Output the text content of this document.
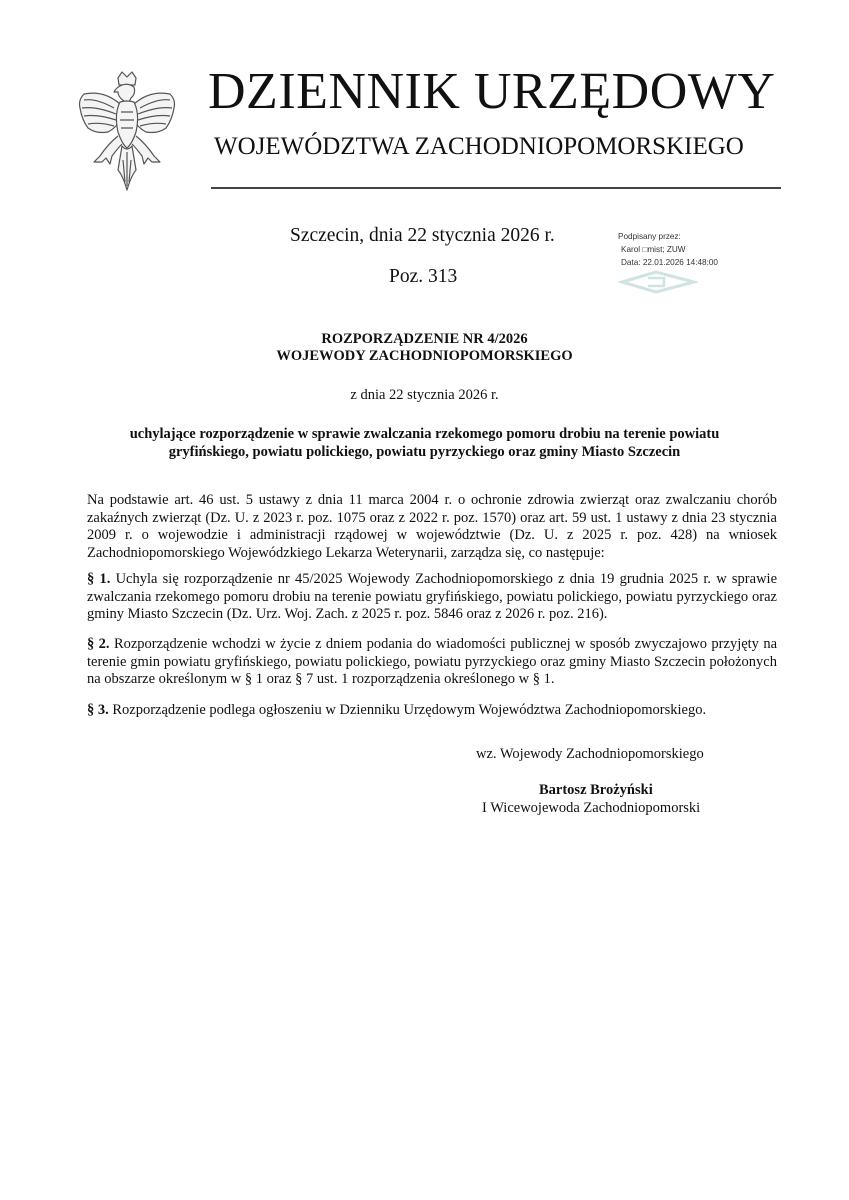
DZIENNIK URZĘDOWY
WOJEWÓDZTWA ZACHODNIOPOMORSKIEGO
Szczecin, dnia 22 stycznia 2026 r.
Poz. 313
Podpisany przez:
Karol □mist; ZUW
Data: 22.01.2026 14:48:00
ROZPORZĄDZENIE NR 4/2026
WOJEWODY ZACHODNIOPOMORSKIEGO
z dnia 22 stycznia 2026 r.
uchylające rozporządzenie w sprawie zwalczania rzekomego pomoru drobiu na terenie powiatu
gryfińskiego, powiatu polickiego, powiatu pyrzyckiego oraz gminy Miasto Szczecin

Na podstawie art. 46 ust. 5 ustawy z dnia 11 marca 2004 r. o ochronie zdrowia zwierząt oraz zwalczaniu chorób zakaźnych zwierząt (Dz. U. z 2023 r. poz. 1075 oraz z 2022 r. poz. 1570) oraz art. 59 ust. 1 ustawy z dnia 23 stycznia 2009 r. o wojewodzie i administracji rządowej w województwie (Dz. U. z 2025 r. poz. 428) na wniosek Zachodniopomorskiego Wojewódzkiego Lekarza Weterynarii, zarządza się, co następuje:

§ 1. Uchyla się rozporządzenie nr 45/2025 Wojewody Zachodniopomorskiego z dnia 19 grudnia 2025 r. w sprawie zwalczania rzekomego pomoru drobiu na terenie powiatu gryfińskiego, powiatu polickiego, powiatu pyrzyckiego oraz gminy Miasto Szczecin (Dz. Urz. Woj. Zach. z 2025 r. poz. 5846 oraz z 2026 r. poz. 216).

§ 2. Rozporządzenie wchodzi w życie z dniem podania do wiadomości publicznej w sposób zwyczajowo przyjęty na terenie gmin powiatu gryfińskiego, powiatu polickiego, powiatu pyrzyckiego oraz gminy Miasto Szczecin położonych na obszarze określonym w § 1 oraz § 7 ust. 1 rozporządzenia określonego w § 1.

§ 3. Rozporządzenie podlega ogłoszeniu w Dzienniku Urzędowym Województwa Zachodniopomorskiego.

wz. Wojewody Zachodniopomorskiego
Bartosz Brożyński
I Wicewojewoda Zachodniopomorski
